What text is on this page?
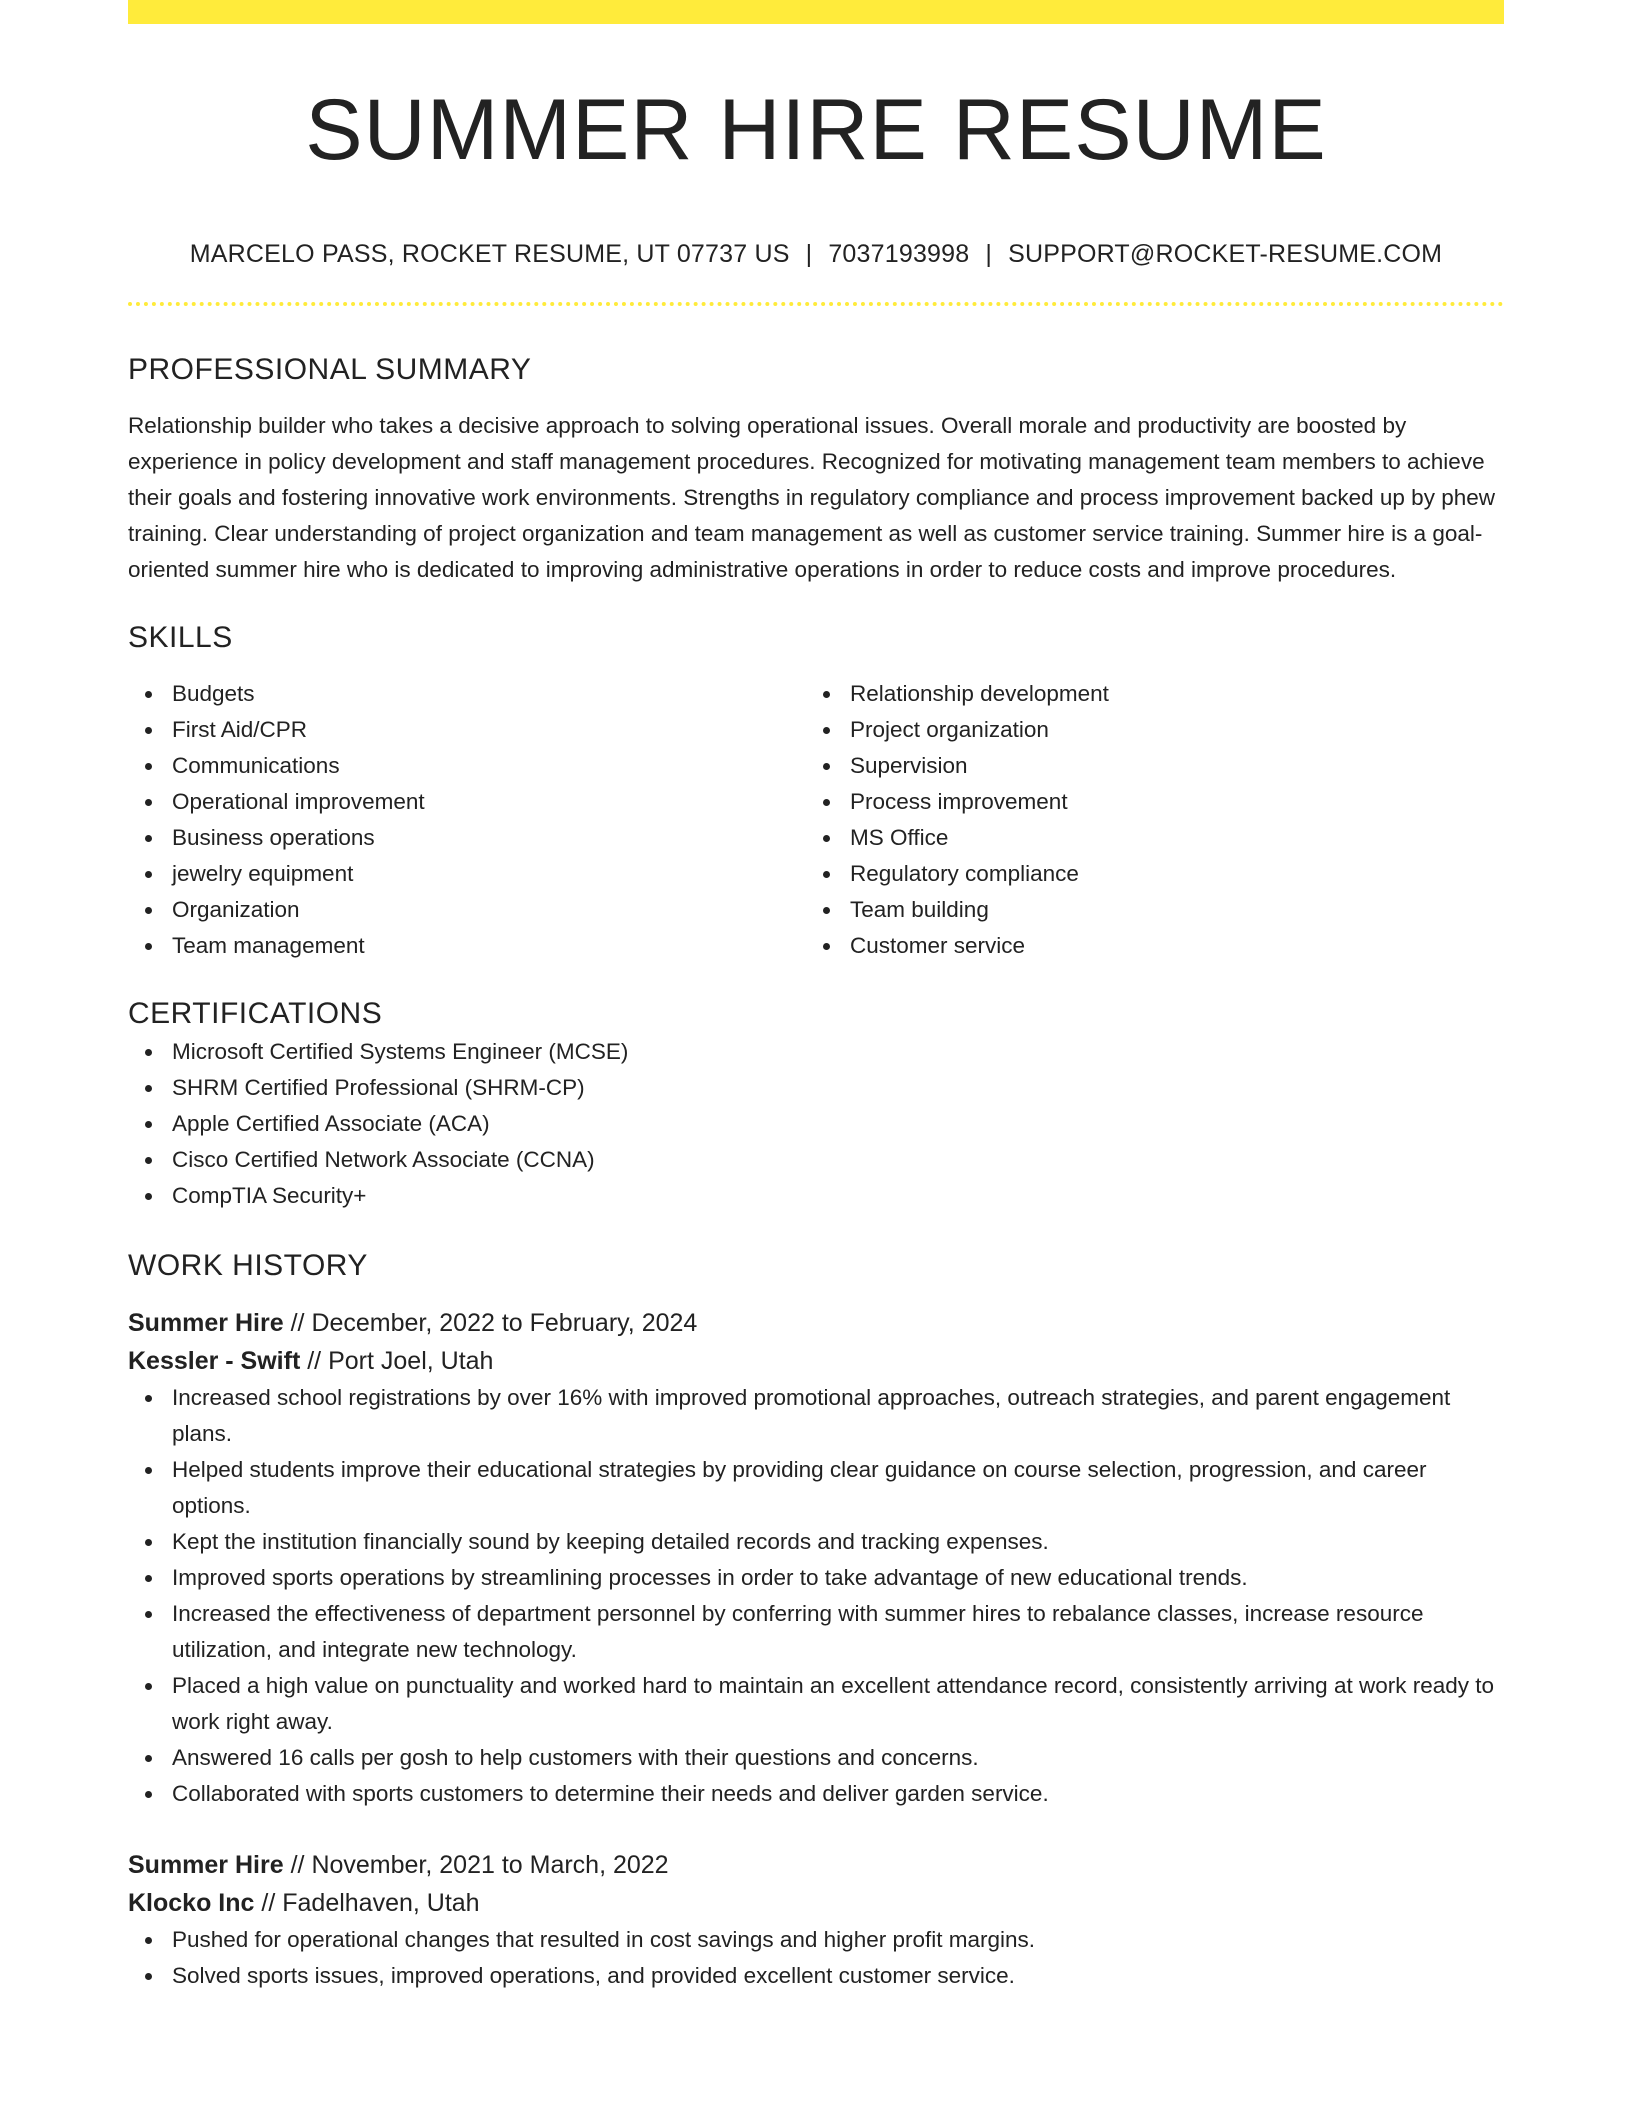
SUMMER HIRE RESUME
MARCELO PASS, ROCKET RESUME, UT 07737 US | 7037193998 | SUPPORT@ROCKET-RESUME.COM
PROFESSIONAL SUMMARY

Relationship builder who takes a decisive approach to solving operational issues. Overall morale and productivity are boosted by experience in policy development and staff management procedures. Recognized for motivating management team members to achieve their goals and fostering innovative work environments. Strengths in regulatory compliance and process improvement backed up by phew training. Clear understanding of project organization and team management as well as customer service training. Summer hire is a goal-oriented summer hire who is dedicated to improving administrative operations in order to reduce costs and improve procedures.

SKILLS
Budgets
First Aid/CPR
Communications
Operational improvement
Business operations
jewelry equipment
Organization
Team management
Relationship development
Project organization
Supervision
Process improvement
MS Office
Regulatory compliance
Team building
Customer service
CERTIFICATIONS
Microsoft Certified Systems Engineer (MCSE)
SHRM Certified Professional (SHRM-CP)
Apple Certified Associate (ACA)
Cisco Certified Network Associate (CCNA)
CompTIA Security+
WORK HISTORY
Summer Hire // December, 2022 to February, 2024
Kessler - Swift // Port Joel, Utah
Increased school registrations by over 16% with improved promotional approaches, outreach strategies, and parent engagement plans.
Helped students improve their educational strategies by providing clear guidance on course selection, progression, and career options.
Kept the institution financially sound by keeping detailed records and tracking expenses.
Improved sports operations by streamlining processes in order to take advantage of new educational trends.
Increased the effectiveness of department personnel by conferring with summer hires to rebalance classes, increase resource utilization, and integrate new technology.
Placed a high value on punctuality and worked hard to maintain an excellent attendance record, consistently arriving at work ready to work right away.
Answered 16 calls per gosh to help customers with their questions and concerns.
Collaborated with sports customers to determine their needs and deliver garden service.
Summer Hire // November, 2021 to March, 2022
Klocko Inc // Fadelhaven, Utah
Pushed for operational changes that resulted in cost savings and higher profit margins.
Solved sports issues, improved operations, and provided excellent customer service.
